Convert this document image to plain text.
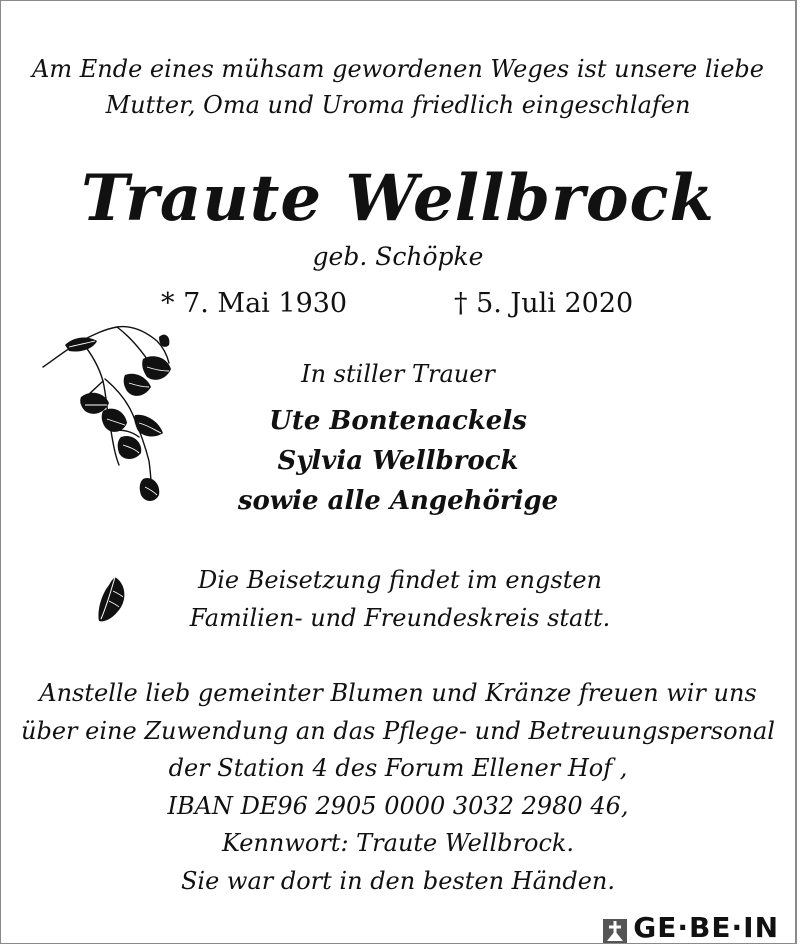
Am Ende eines mühsam gewordenen Weges ist unsere liebe
Mutter, Oma und Uroma friedlich eingeschlafen
Traute Wellbrock
geb. Schöpke
* 7. Mai 1930	† 5. Juli 2020
In stiller Trauer
Ute Bontenackels
Sylvia Wellbrock
sowie alle Angehörige
Die Beisetzung findet im engsten
Familien- und Freundeskreis statt.
Anstelle lieb gemeinter Blumen und Kränze freuen wir uns
über eine Zuwendung an das Pflege- und Betreuungspersonal
der Station 4 des Forum Ellener Hof ,
IBAN DE96 2905 0000 3032 2980 46,
Kennwort: Traute Wellbrock.
Sie war dort in den besten Händen.
GE·BE·IN
